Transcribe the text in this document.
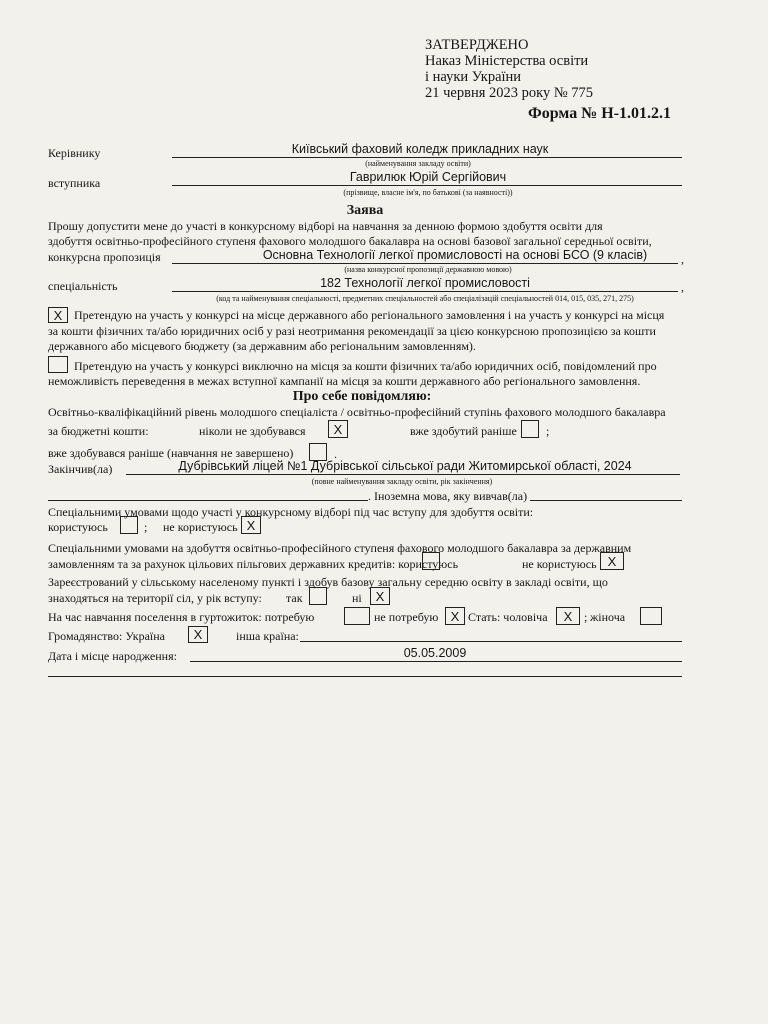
ЗАТВЕРДЖЕНО
Наказ Міністерства освіти
і науки України
21 червня 2023 року № 775
Форма № Н-1.01.2.1
Керівнику	Київський фаховий коледж прикладних наук
(найменування закладу освіти)
вступника	Гаврилюк Юрій Сергійович
(прізвище, власне ім'я, по батькові (за наявності))
Заява
Прошу допустити мене до участі в конкурсному відборі на навчання за денною формою здобуття освіти для
здобуття освітньо-професійного ступеня фахового молодшого бакалавра на основі базової загальної середньої освіти,
конкурсна пропозиція	Основна Технології легкої промисловості на основі БСО (9 класів)	,
(назва конкурсної пропозиції державною мовою)
спеціальність	182 Технології легкої промисловості	,
(код та найменування спеціальності, предметних спеціальностей або спеціалізацій спеціальностей 014, 015, 035, 271, 275)
X Претендую на участь у конкурсі на місце державного або регіонального замовлення і на участь у конкурсі на місця
за кошти фізичних та/або юридичних осіб у разі неотримання рекомендації за цією конкурсною пропозицією за кошти
державного або місцевого бюджету (за державним або регіональним замовленням).
Претендую на участь у конкурсі виключно на місця за кошти фізичних та/або юридичних осіб, повідомлений про
неможливість переведення в межах вступної кампанії на місця за кошти державного або регіонального замовлення.
Про себе повідомляю:
Освітньо-кваліфікаційний рівень молодшого спеціаліста / освітньо-професійний ступінь фахового молодшого бакалавра
за бюджетні кошти:	ніколи не здобувався	X	вже здобутий раніше ;
вже здобувався раніше (навчання не завершено)	.
Закінчив(ла)	Дубрівський ліцей №1 Дубрівської сільської ради Житомирської області, 2024
(повне найменування закладу освіти, рік закінчення)
. Іноземна мова, яку вивчав(ла)
Спеціальними умовами щодо участі у конкурсному відборі під час вступу для здобуття освіти:
користуюсь	; не користуюсь X
Спеціальними умовами на здобуття освітньо-професійного ступеня фахового молодшого бакалавра за державним
замовленням та за рахунок цільових пільгових державних кредитів: користуюсь	не користуюсь X
Зареєстрований у сільському населеному пункті і здобув базову загальну середню освіту в закладі освіти, що
знаходяться на території сіл, у рік вступу: так	ні	X
На час навчання поселення в гуртожиток: потребую	не потребую X Стать: чоловіча	X ; жіноча
Громадянство: Україна	X	інша країна:
Дата і місце народження:	05.05.2009
